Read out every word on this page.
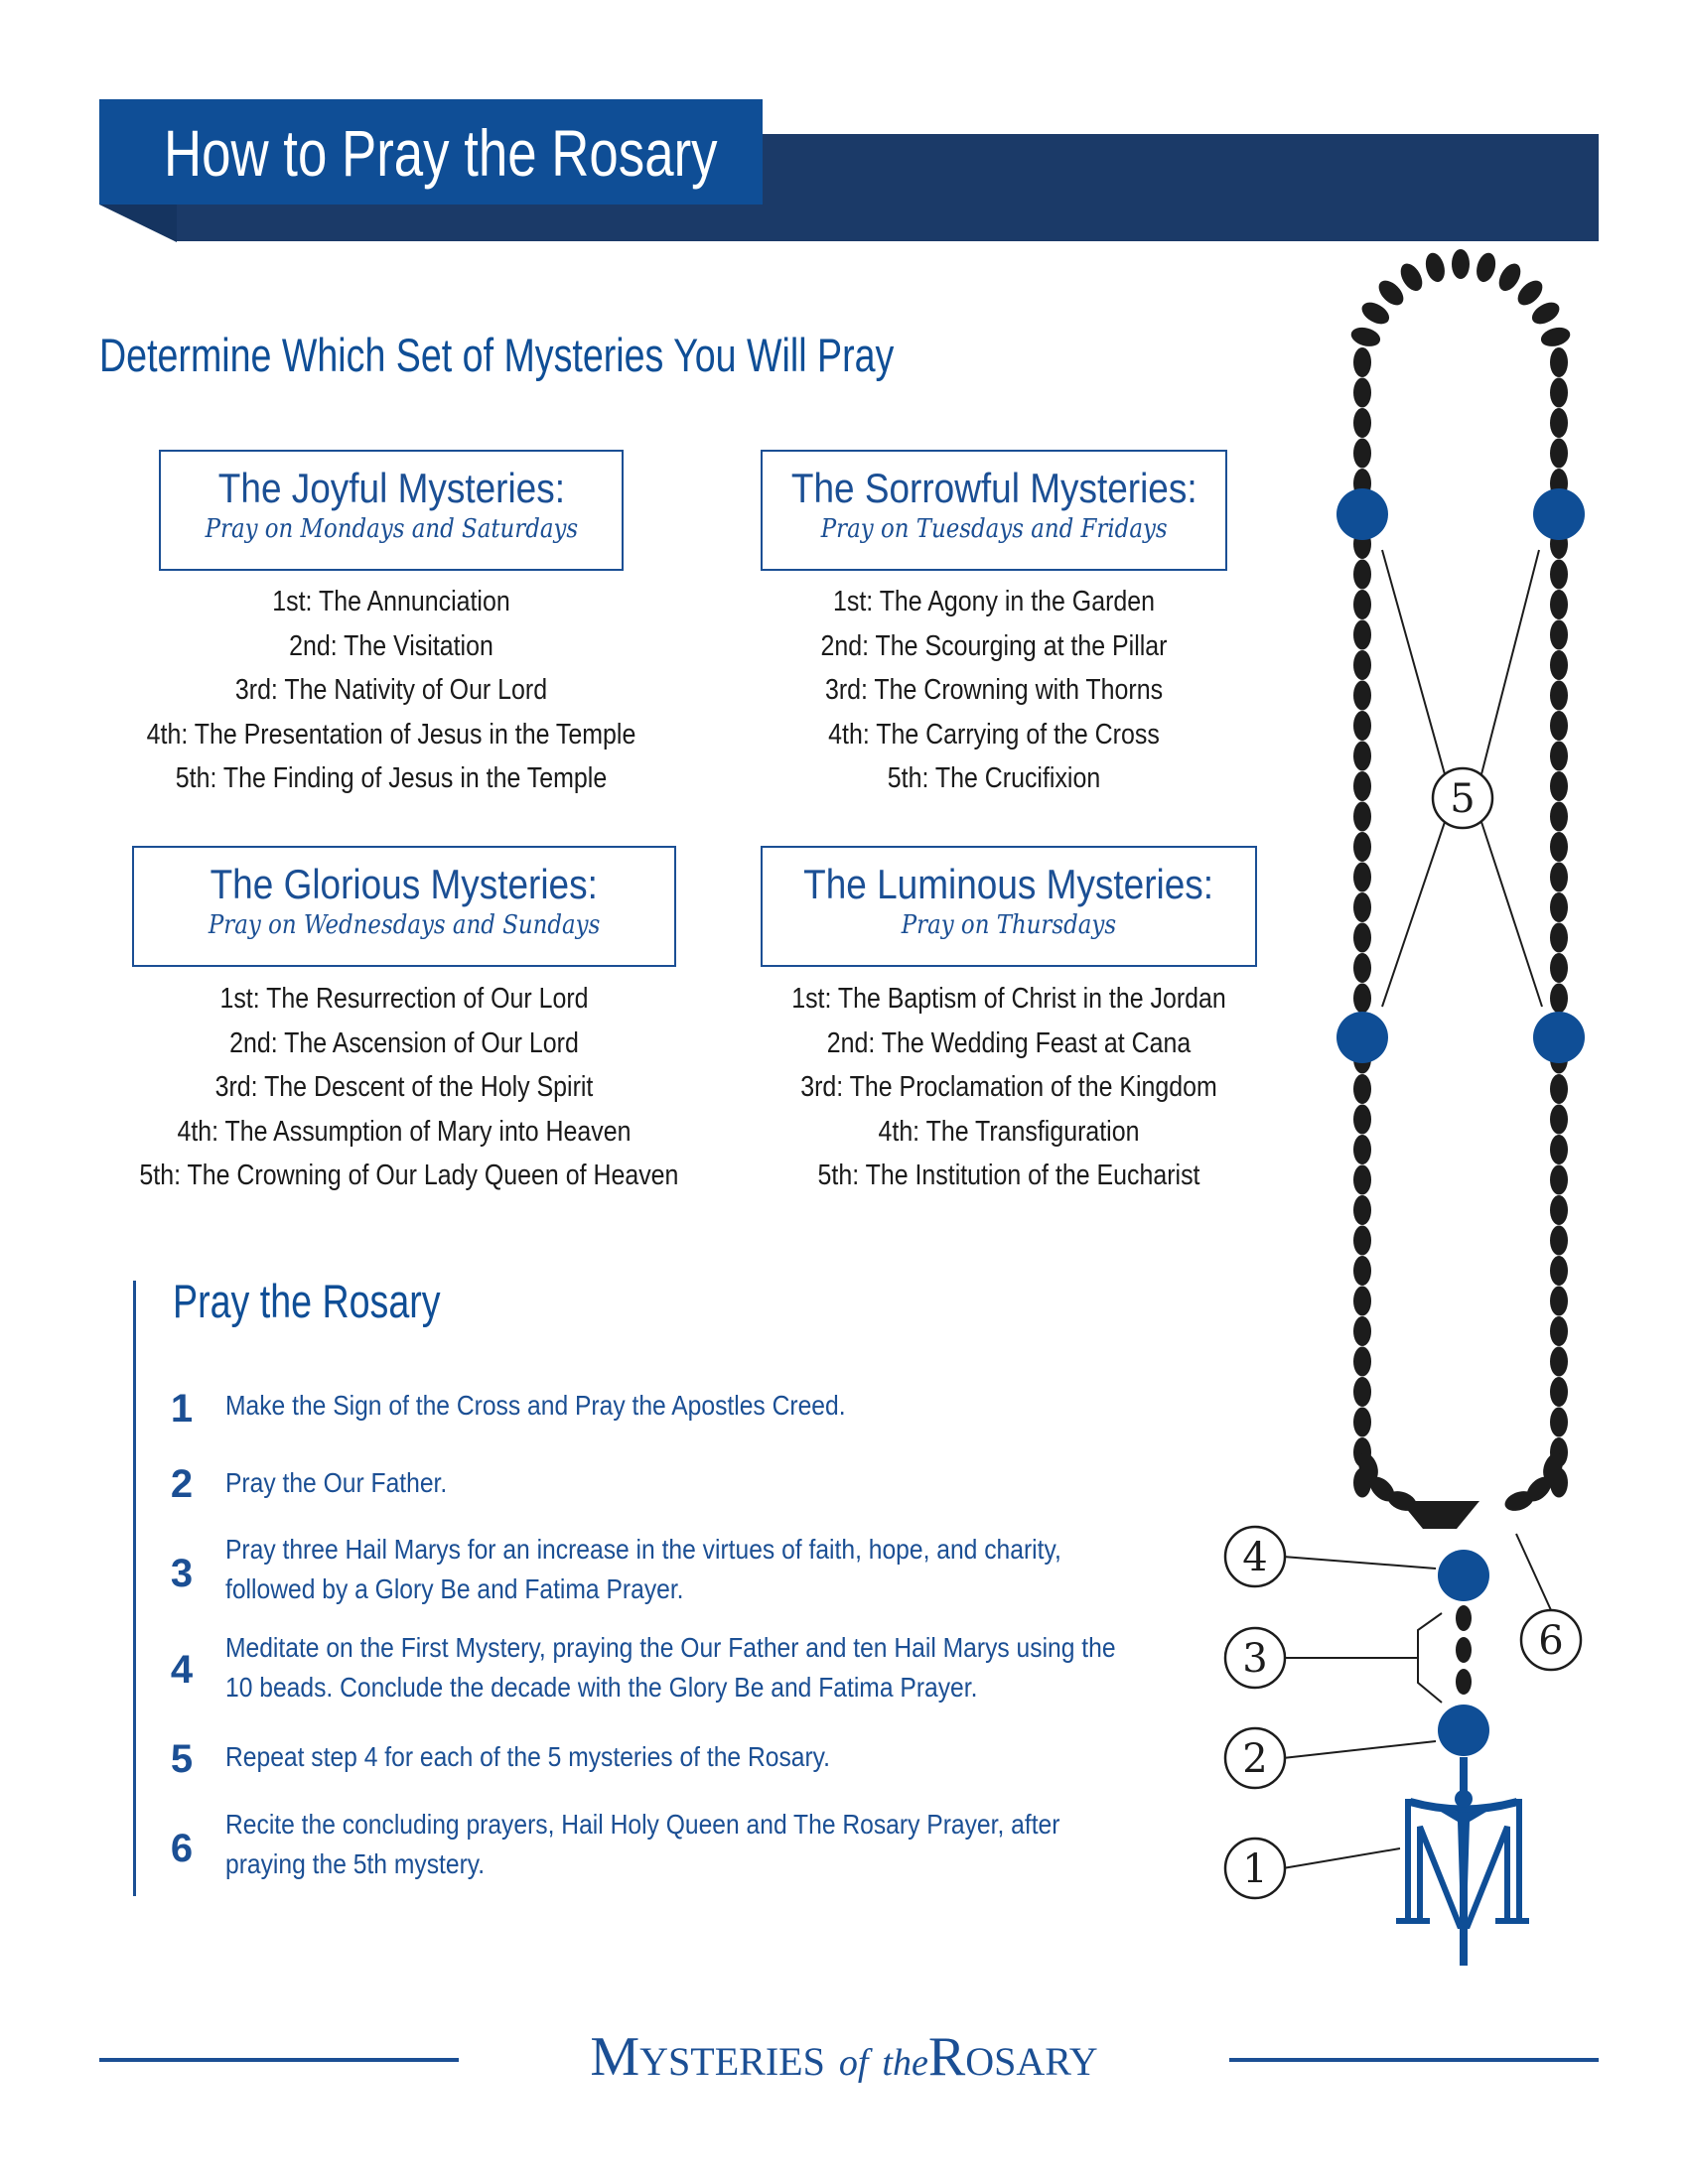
How to Pray the Rosary
Determine Which Set of Mysteries You Will Pray
The Joyful Mysteries:
Pray on Mondays and Saturdays
1st: The Annunciation
2nd: The Visitation
3rd: The Nativity of Our Lord
4th: The Presentation of Jesus in the Temple
5th: The Finding of Jesus in the Temple
The Sorrowful Mysteries:
Pray on Tuesdays and Fridays
1st: The Agony in the Garden
2nd: The Scourging at the Pillar
3rd: The Crowning with Thorns
4th: The Carrying of the Cross
5th: The Crucifixion
The Glorious Mysteries:
Pray on Wednesdays and Sundays
1st: The Resurrection of Our Lord
2nd: The Ascension of Our Lord
3rd: The Descent of the Holy Spirit
4th: The Assumption of Mary into Heaven
5th: The Crowning of Our Lady Queen of Heaven
The Luminous Mysteries:
Pray on Thursdays
1st: The Baptism of Christ in the Jordan
2nd: The Wedding Feast at Cana
3rd: The Proclamation of the Kingdom
4th: The Transfiguration
5th: The Institution of the Eucharist
Pray the Rosary
1	Make the Sign of the Cross and Pray the Apostles Creed.
2	Pray the Our Father.
3
Pray three Hail Marys for an increase in the virtues of faith, hope, and charity, followed by a Glory Be and Fatima Prayer.
4
Meditate on the First Mystery, praying the Our Father and ten Hail Marys using the 10 beads. Conclude the decade with the Glory Be and Fatima Prayer.
5	Repeat step 4 for each of the 5 mysteries of the Rosary.
6
Recite the concluding prayers, Hail Holy Queen and The Rosary Prayer, after praying the 5th mystery.
5
4
6
3
2
1
MYSTERIES of theROSARY
